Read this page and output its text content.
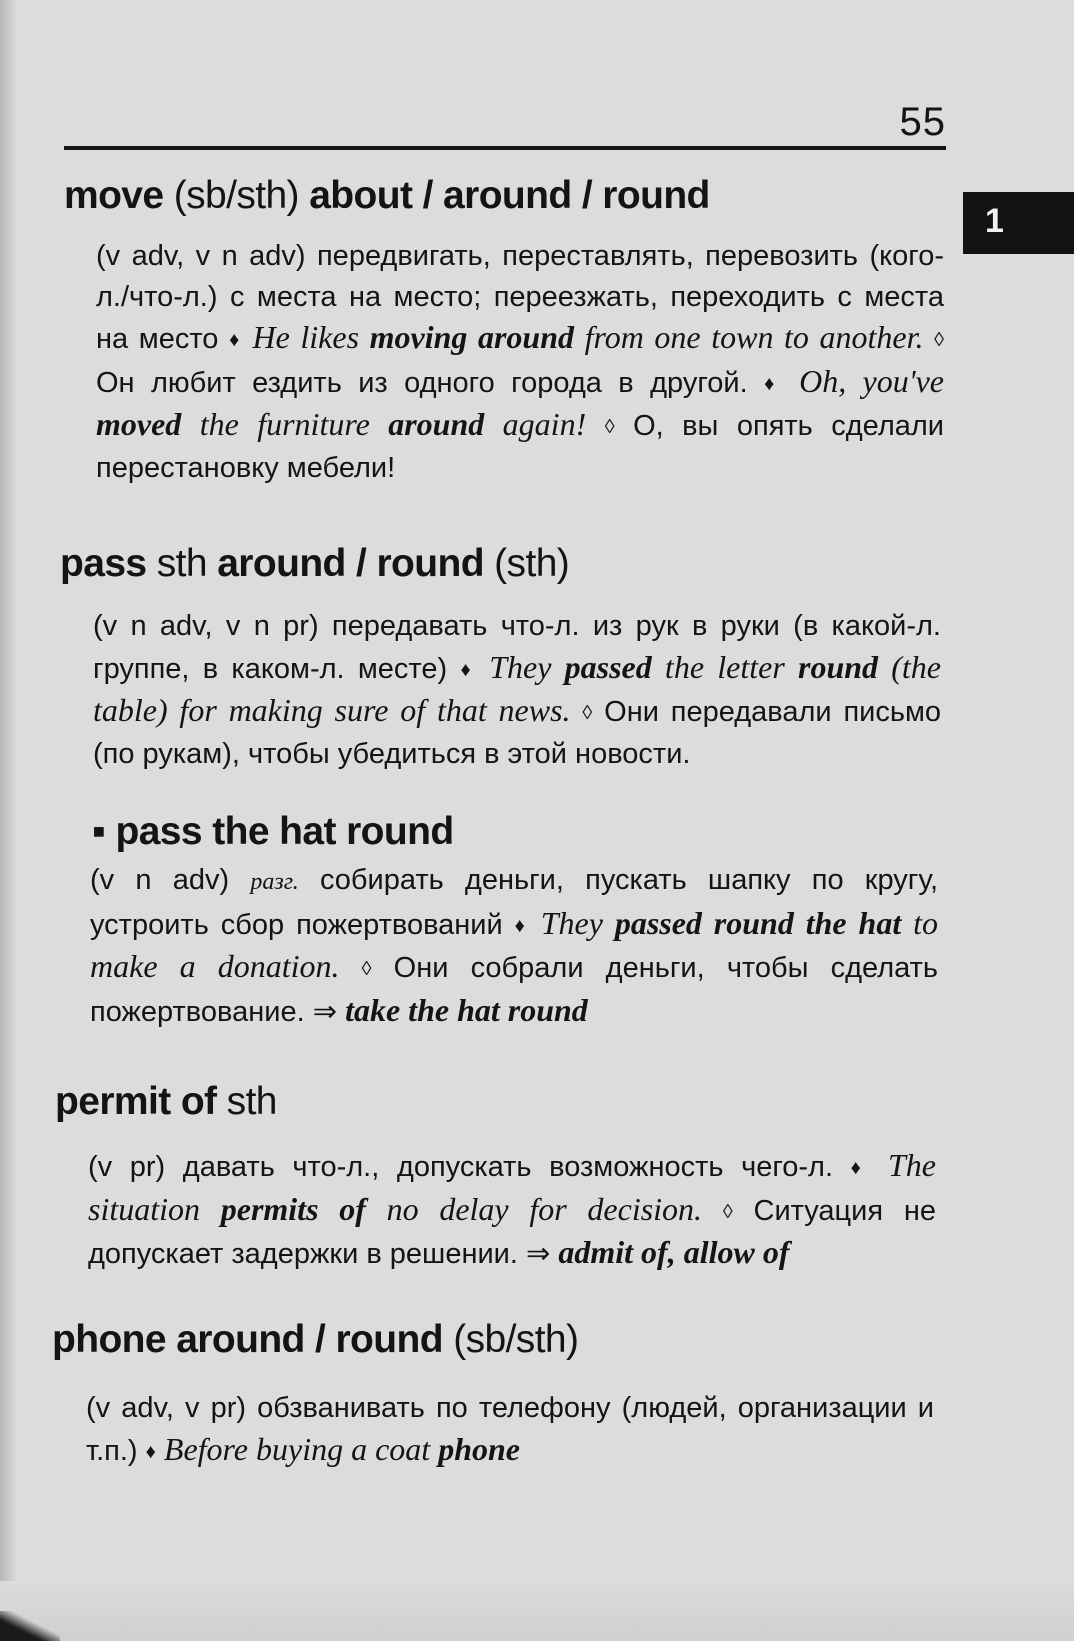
55
1
move (sb/sth) about / around / round
(v adv, v n adv) передвигать, переставлять, перевозить (кого-л./что-л.) с места на место; переезжать, переходить с места на место ♦ He likes moving around from one town to another. ◊ Он любит ездить из одного города в другой. ♦ Oh, you've moved the furniture around again! ◊ О, вы опять сделали перестановку мебели!
pass sth around / round (sth)
(v n adv, v n pr) передавать что-л. из рук в руки (в какой-л. группе, в каком-л. месте) ♦ They passed the letter round (the table) for making sure of that news. ◊ Они передавали письмо (по рукам), чтобы убедиться в этой новости.
▪ pass the hat round
(v n adv) разг. собирать деньги, пускать шапку по кругу, устроить сбор пожертвований ♦ They passed round the hat to make a donation. ◊ Они собрали деньги, чтобы сделать пожертвование. ⇒ take the hat round
permit of sth
(v pr) давать что-л., допускать возможность чего-л. ♦ The situation permits of no delay for decision. ◊ Ситуация не допускает задержки в решении. ⇒ admit of, allow of
phone around / round (sb/sth)
(v adv, v pr) обзванивать по телефону (людей, организации и т.п.) ♦ Before buying a coat phone
